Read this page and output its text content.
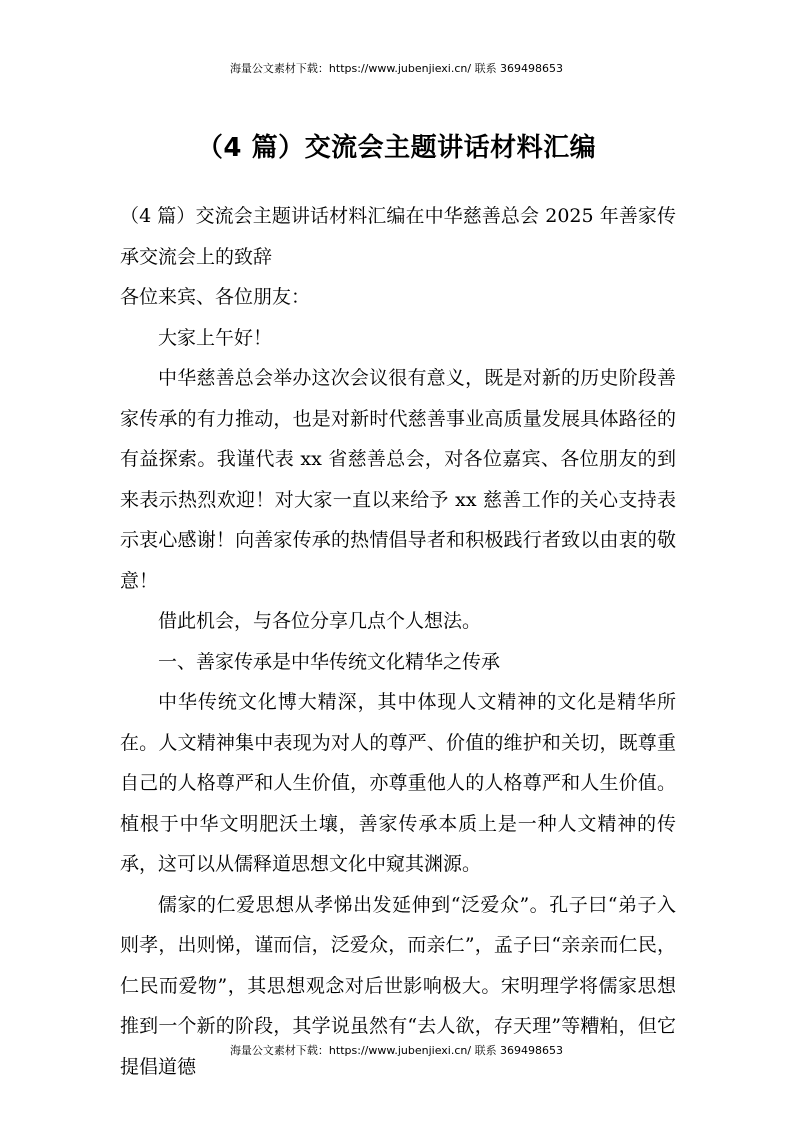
海量公文素材下载：https://www.jubenjiexi.cn/ 联系 369498653
（4 篇）交流会主题讲话材料汇编

（4 篇）交流会主题讲话材料汇编在中华慈善总会 2025 年善家传承交流会上的致辞

各位来宾、各位朋友：

大家上午好！

中华慈善总会举办这次会议很有意义，既是对新的历史阶段善家传承的有力推动，也是对新时代慈善事业高质量发展具体路径的有益探索。我谨代表 xx 省慈善总会，对各位嘉宾、各位朋友的到来表示热烈欢迎！对大家一直以来给予 xx 慈善工作的关心支持表示衷心感谢！向善家传承的热情倡导者和积极践行者致以由衷的敬意！

借此机会，与各位分享几点个人想法。

一、善家传承是中华传统文化精华之传承

中华传统文化博大精深，其中体现人文精神的文化是精华所在。人文精神集中表现为对人的尊严、价值的维护和关切，既尊重自己的人格尊严和人生价值，亦尊重他人的人格尊严和人生价值。植根于中华文明肥沃土壤，善家传承本质上是一种人文精神的传承，这可以从儒释道思想文化中窥其渊源。

儒家的仁爱思想从孝悌出发延伸到“泛爱众”。孔子曰“弟子入则孝，出则悌，谨而信，泛爱众，而亲仁”，孟子曰“亲亲而仁民，仁民而爱物”，其思想观念对后世影响极大。宋明理学将儒家思想推到一个新的阶段，其学说虽然有“去人欲，存天理”等糟粕，但它提倡道德

海量公文素材下载：https://www.jubenjiexi.cn/ 联系 369498653
